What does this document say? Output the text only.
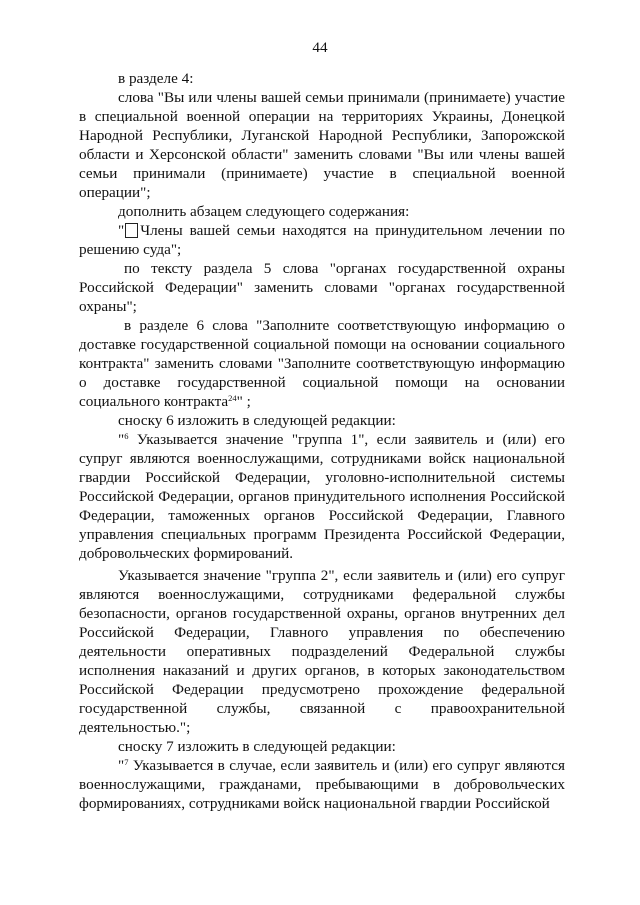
44

в разделе 4:

слова "Вы или члены вашей семьи принимали (принимаете) участие в специальной военной операции на территориях Украины, Донецкой Народной Республики, Луганской Народной Республики, Запорожской области и Херсонской области" заменить словами "Вы или члены вашей семьи принимали (принимаете) участие в специальной военной операции";

дополнить абзацем следующего содержания:

" Члены вашей семьи находятся на принудительном лечении по решению суда";

по тексту раздела 5 слова "органах государственной охраны Российской Федерации" заменить словами "органах государственной охраны";

в разделе 6 слова "Заполните соответствующую информацию о доставке государственной социальной помощи на основании социального контракта" заменить словами "Заполните соответствующую информацию о доставке государственной социальной помощи на основании социального контракта$^{24}$" ;

сноску 6 изложить в следующей редакции:

"$^6$ Указывается значение "группа 1", если заявитель и (или) его супруг являются военнослужащими, сотрудниками войск национальной гвардии Российской Федерации, уголовно-исполнительной системы Российской Федерации, органов принудительного исполнения Российской Федерации, таможенных органов Российской Федерации, Главного управления специальных программ Президента Российской Федерации, добровольческих формирований.

Указывается значение "группа 2", если заявитель и (или) его супруг являются военнослужащими, сотрудниками федеральной службы безопасности, органов государственной охраны, органов внутренних дел Российской Федерации, Главного управления по обеспечению деятельности оперативных подразделений Федеральной службы исполнения наказаний и других органов, в которых законодательством Российской Федерации предусмотрено прохождение федеральной государственной службы, связанной с правоохранительной деятельностью.";

сноску 7 изложить в следующей редакции:

"$^7$ Указывается в случае, если заявитель и (или) его супруг являются военнослужащими, гражданами, пребывающими в добровольческих формированиях, сотрудниками войск национальной гвардии Российской
